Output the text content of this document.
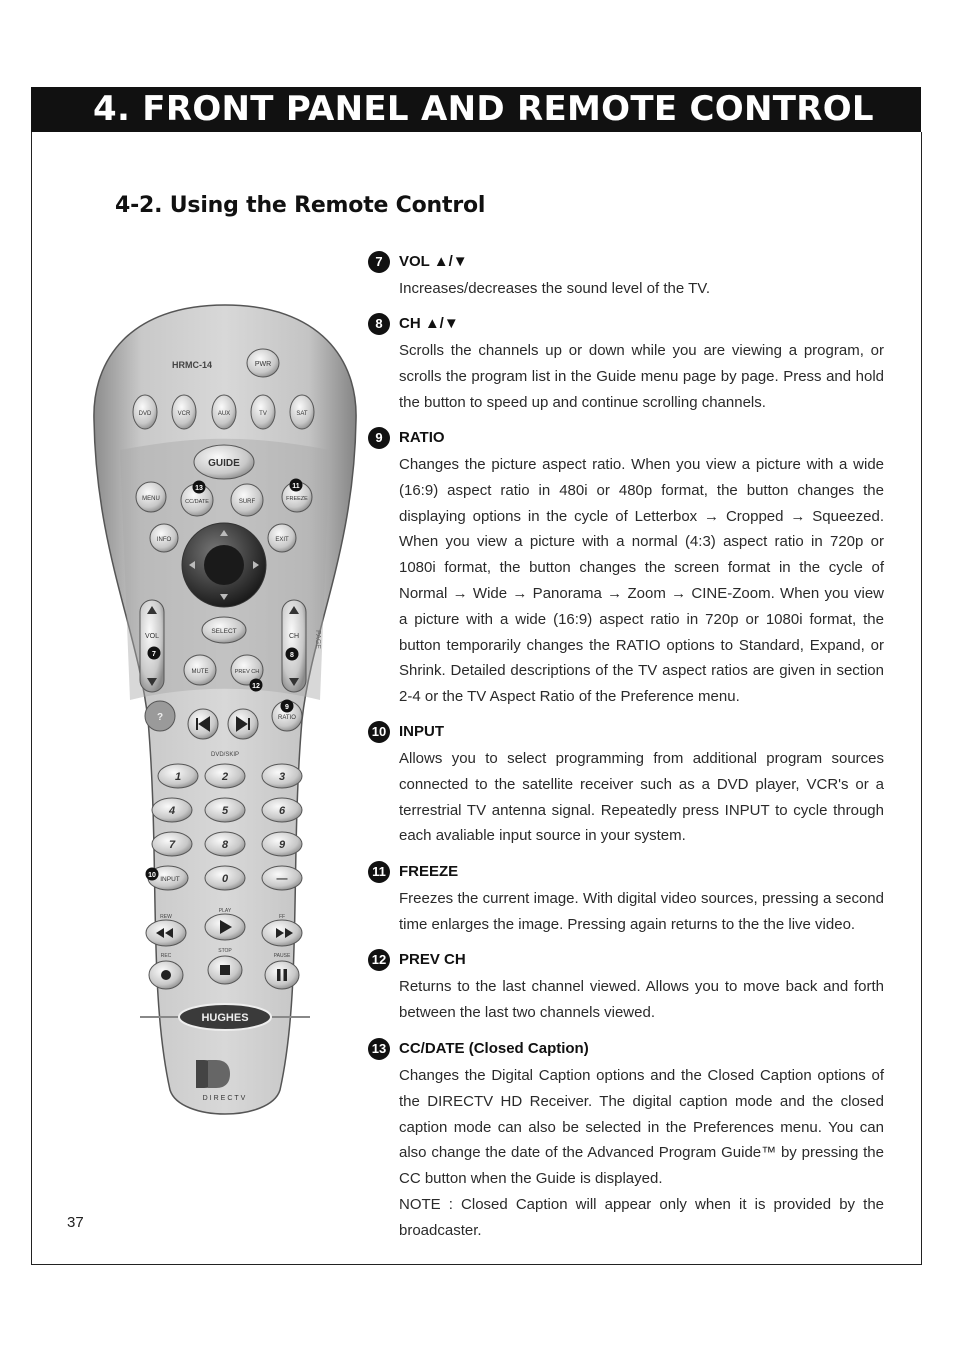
4. FRONT PANEL AND REMOTE CONTROL
4-2. Using the Remote Control
HRMC-14	PWR
DVD	VCR	AUX	TV	SAT
GUIDE
MENU	CC/DATE	SURF	FREEZE
INFO	EXIT
VOL	CH PAGE
SELECT
MUTE	PREV CH
?
DVD/SKIP
RATIO
1	2	3
4	5	6
7	8	9
INPUT	0	—
REW
PLAY
FF
REC
STOP
PAUSE
HUGHES
DIRECTV
13	11
7	8
12
9
10
7	VOL ▲/▼
Increases/decreases the sound level of the TV.
8	CH ▲/▼
Scrolls the channels up or down while you are viewing a program, or scrolls the program list in the Guide menu page by page. Press and hold the button to speed up and continue scrolling channels.
9	RATIO
Changes the picture aspect ratio. When you view a picture with a wide (16:9) aspect ratio in 480i or 480p format, the button changes the displaying options in the cycle of Letterbox → Cropped → Squeezed. When you view a picture with a normal (4:3) aspect ratio in 720p or 1080i format, the button changes the screen format in the cycle of Normal → Wide → Panorama → Zoom → CINE-Zoom. When you view a picture with a wide (16:9) aspect ratio in 720p or 1080i format, the button temporarily changes the RATIO options to Standard, Expand, or Shrink. Detailed descriptions of the TV aspect ratios are given in section 2-4 or the TV Aspect Ratio of the Preference menu.
10 INPUT
Allows you to select programming from additional program sources connected to the satellite receiver such as a DVD player, VCR's or a terrestrial TV antenna signal. Repeatedly press INPUT to cycle through each avaliable input source in your system.
11 FREEZE
Freezes the current image. With digital video sources, pressing a second time enlarges the image. Pressing again returns to the the live video.
12 PREV CH
Returns to the last channel viewed. Allows you to move back and forth between the last two channels viewed.
13 CC/DATE (Closed Caption)
Changes the Digital Caption options and the Closed Caption options of the DIRECTV HD Receiver. The digital caption mode and the closed caption mode can also be selected in the Preferences menu. You can also change the date of the Advanced Program Guide™ by pressing the CC button when the Guide is displayed.
NOTE : Closed Caption will appear only when it is provided by the broadcaster.
37
